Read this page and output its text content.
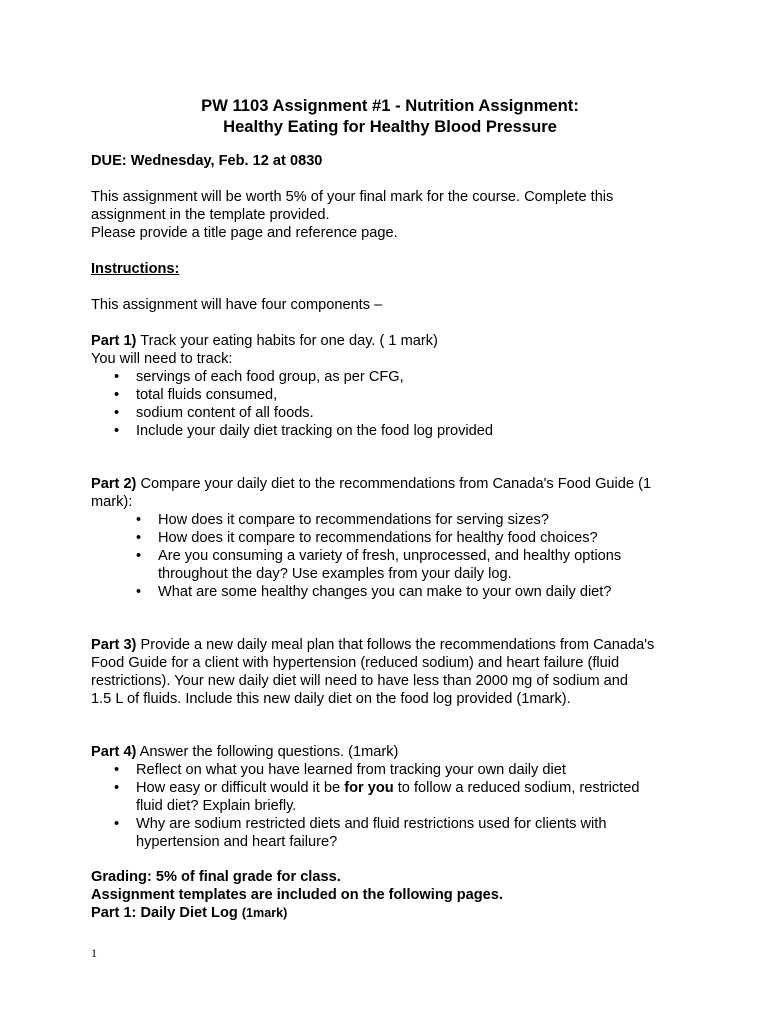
PW 1103 Assignment #1 - Nutrition Assignment:
Healthy Eating for Healthy Blood Pressure

DUE: Wednesday, Feb. 12 at 0830

This assignment will be worth 5% of your final mark for the course. Complete this

assignment in the template provided.

Please provide a title page and reference page.

Instructions:

This assignment will have four components –

Part 1) Track your eating habits for one day. ( 1 mark)

You will need to track:

• servings of each food group, as per CFG,
• total fluids consumed,
• sodium content of all foods.
• Include your daily diet tracking on the food log provided

Part 2) Compare your daily diet to the recommendations from Canada's Food Guide (1

mark):

• How does it compare to recommendations for serving sizes?
• How does it compare to recommendations for healthy food choices?
• Are you consuming a variety of fresh, unprocessed, and healthy options
throughout the day? Use examples from your daily log.
• What are some healthy changes you can make to your own daily diet?

Part 3) Provide a new daily meal plan that follows the recommendations from Canada's

Food Guide for a client with hypertension (reduced sodium) and heart failure (fluid

restrictions). Your new daily diet will need to have less than 2000 mg of sodium and

1.5 L of fluids. Include this new daily diet on the food log provided (1mark).

Part 4) Answer the following questions. (1mark)

• Reflect on what you have learned from tracking your own daily diet
• How easy or difficult would it be for you to follow a reduced sodium, restricted
fluid diet? Explain briefly.
• Why are sodium restricted diets and fluid restrictions used for clients with
hypertension and heart failure?

Grading: 5% of final grade for class.

Assignment templates are included on the following pages.

Part 1: Daily Diet Log (1mark)

1
